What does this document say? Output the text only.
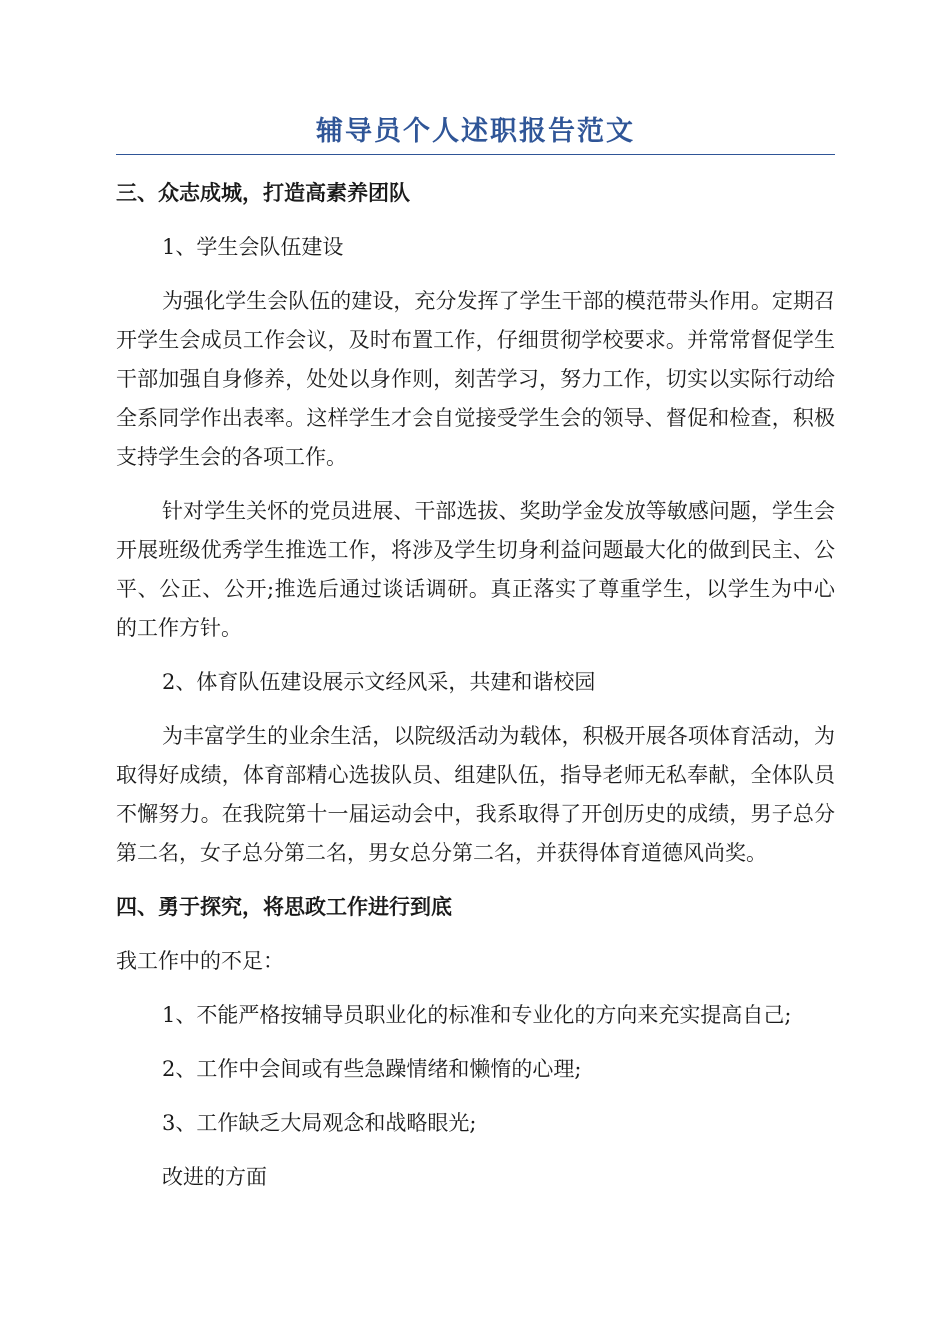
辅导员个人述职报告范文

三、众志成城，打造高素养团队

1、学生会队伍建设

为强化学生会队伍的建设，充分发挥了学生干部的模范带头作用。定期召开学生会成员工作会议，及时布置工作，仔细贯彻学校要求。并常常督促学生干部加强自身修养，处处以身作则，刻苦学习，努力工作，切实以实际行动给全系同学作出表率。这样学生才会自觉接受学生会的领导、督促和检查，积极支持学生会的各项工作。

针对学生关怀的党员进展、干部选拔、奖助学金发放等敏感问题，学生会开展班级优秀学生推选工作，将涉及学生切身利益问题最大化的做到民主、公平、公正、公开;推选后通过谈话调研。真正落实了尊重学生，以学生为中心的工作方针。

2、体育队伍建设展示文经风采，共建和谐校园

为丰富学生的业余生活，以院级活动为载体，积极开展各项体育活动，为取得好成绩，体育部精心选拔队员、组建队伍，指导老师无私奉献，全体队员不懈努力。在我院第十一届运动会中，我系取得了开创历史的成绩，男子总分第二名，女子总分第二名，男女总分第二名，并获得体育道德风尚奖。

四、勇于探究，将思政工作进行到底

我工作中的不足：

1、不能严格按辅导员职业化的标准和专业化的方向来充实提高自己;

2、工作中会间或有些急躁情绪和懒惰的心理;

3、工作缺乏大局观念和战略眼光;

改进的方面
